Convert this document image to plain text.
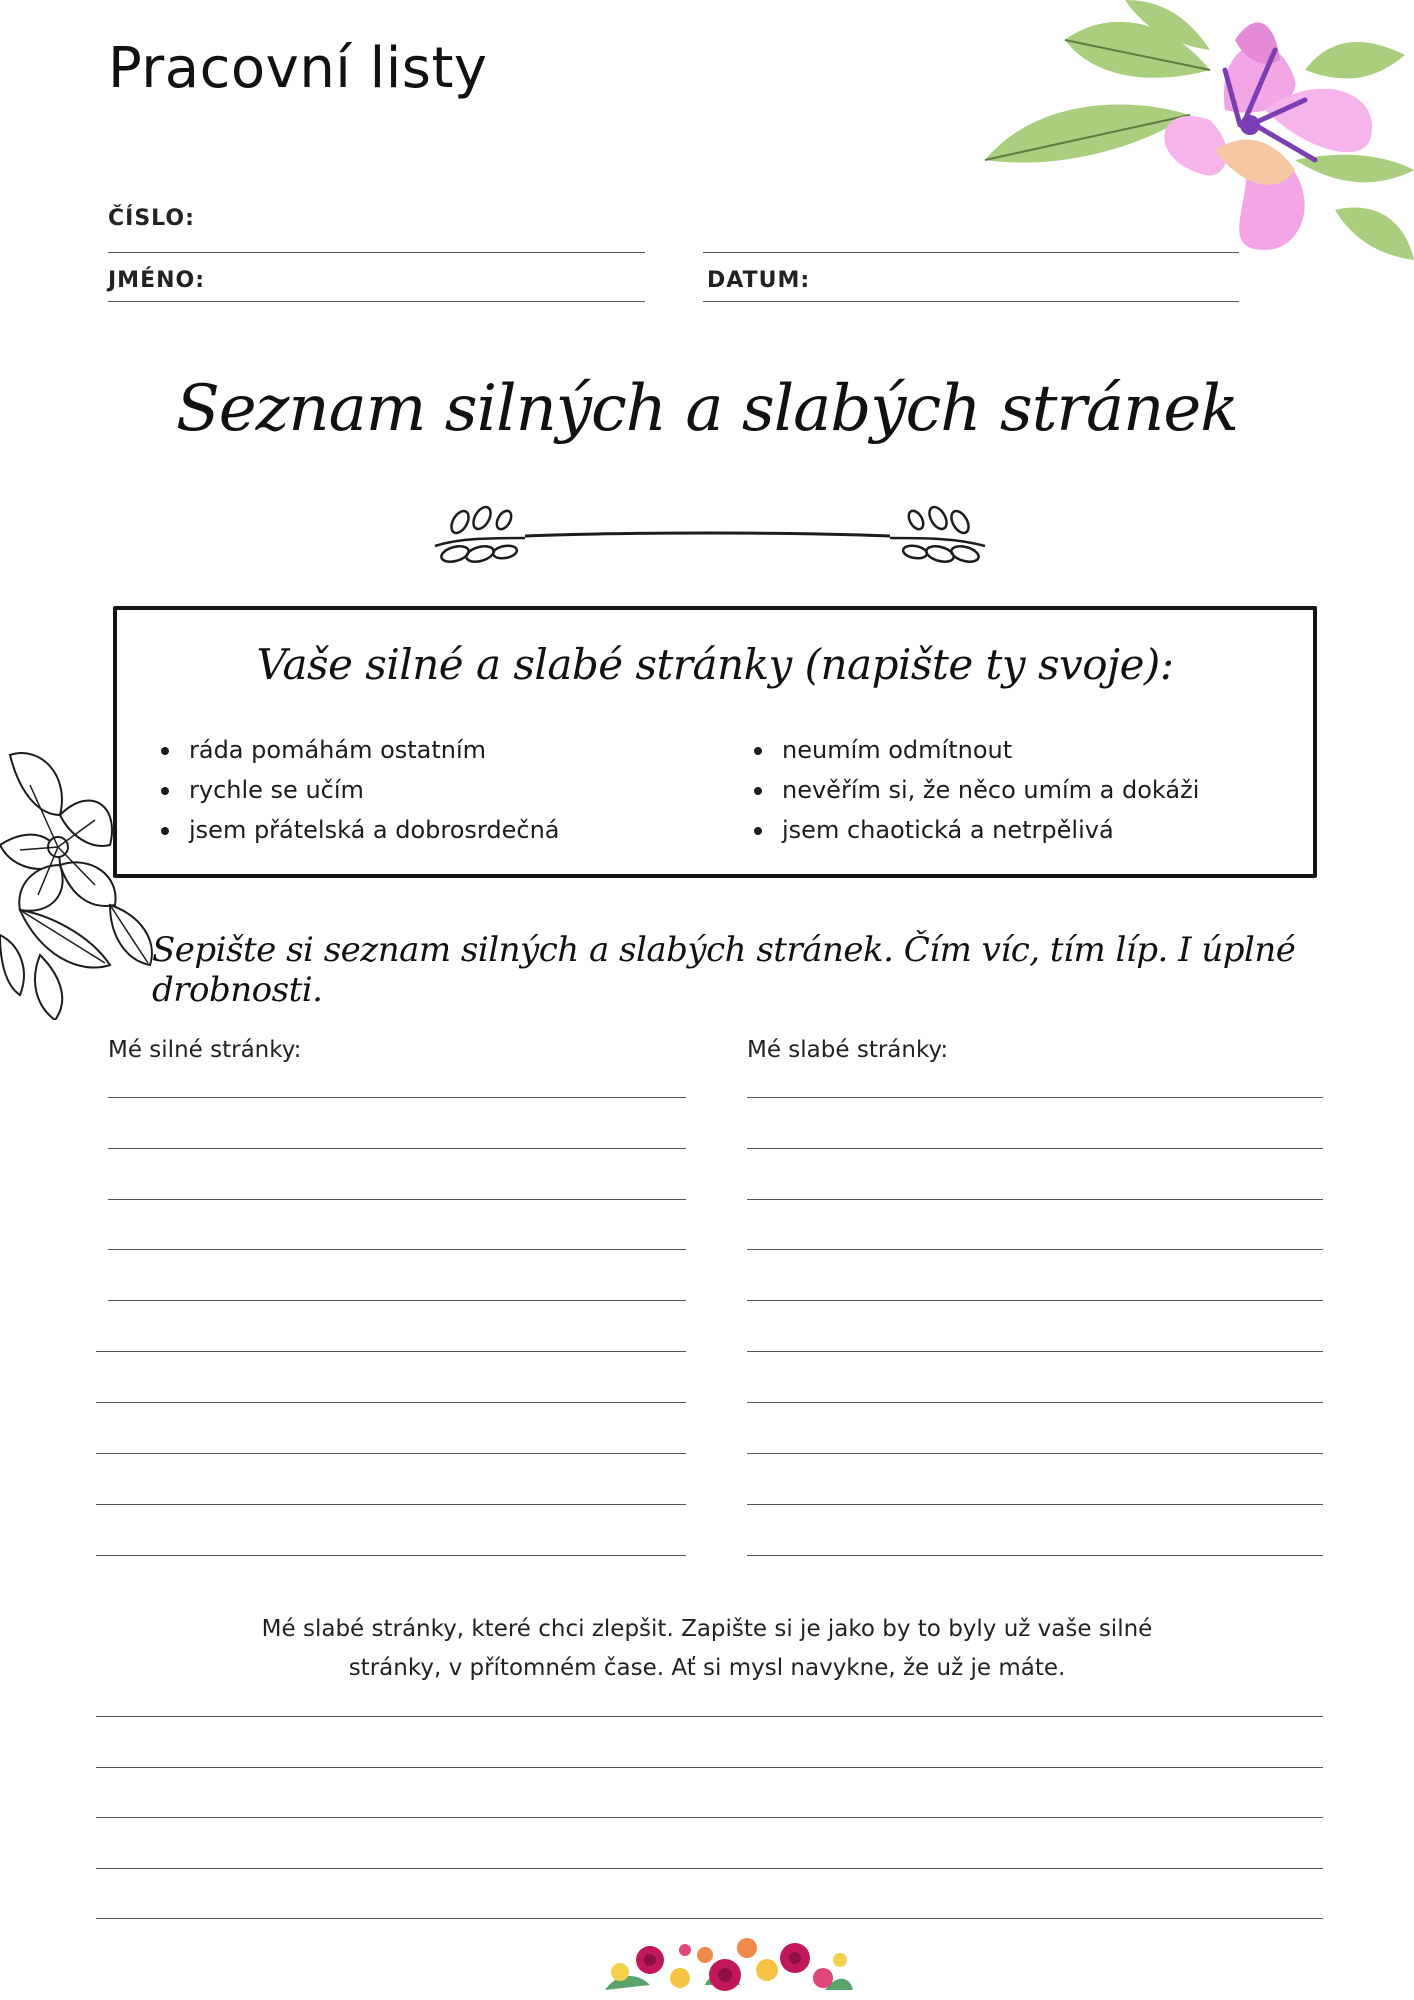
Pracovní listy
ČÍSLO:
JMÉNO:	DATUM:
Seznam silných a slabých stránek
Vaše silné a slabé stránky (napište ty svoje):
ráda pomáhám ostatním
rychle se učím
jsem přátelská a dobrosrdečná
neumím odmítnout
nevěřím si, že něco umím a dokáži
jsem chaotická a netrpělivá
Sepište si seznam silných a slabých stránek. Čím víc, tím líp. I úplné drobnosti.
Mé silné stránky:	Mé slabé stránky:
Mé slabé stránky, které chci zlepšit. Zapište si je jako by to byly už vaše silné
stránky, v přítomném čase. Ať si mysl navykne, že už je máte.
